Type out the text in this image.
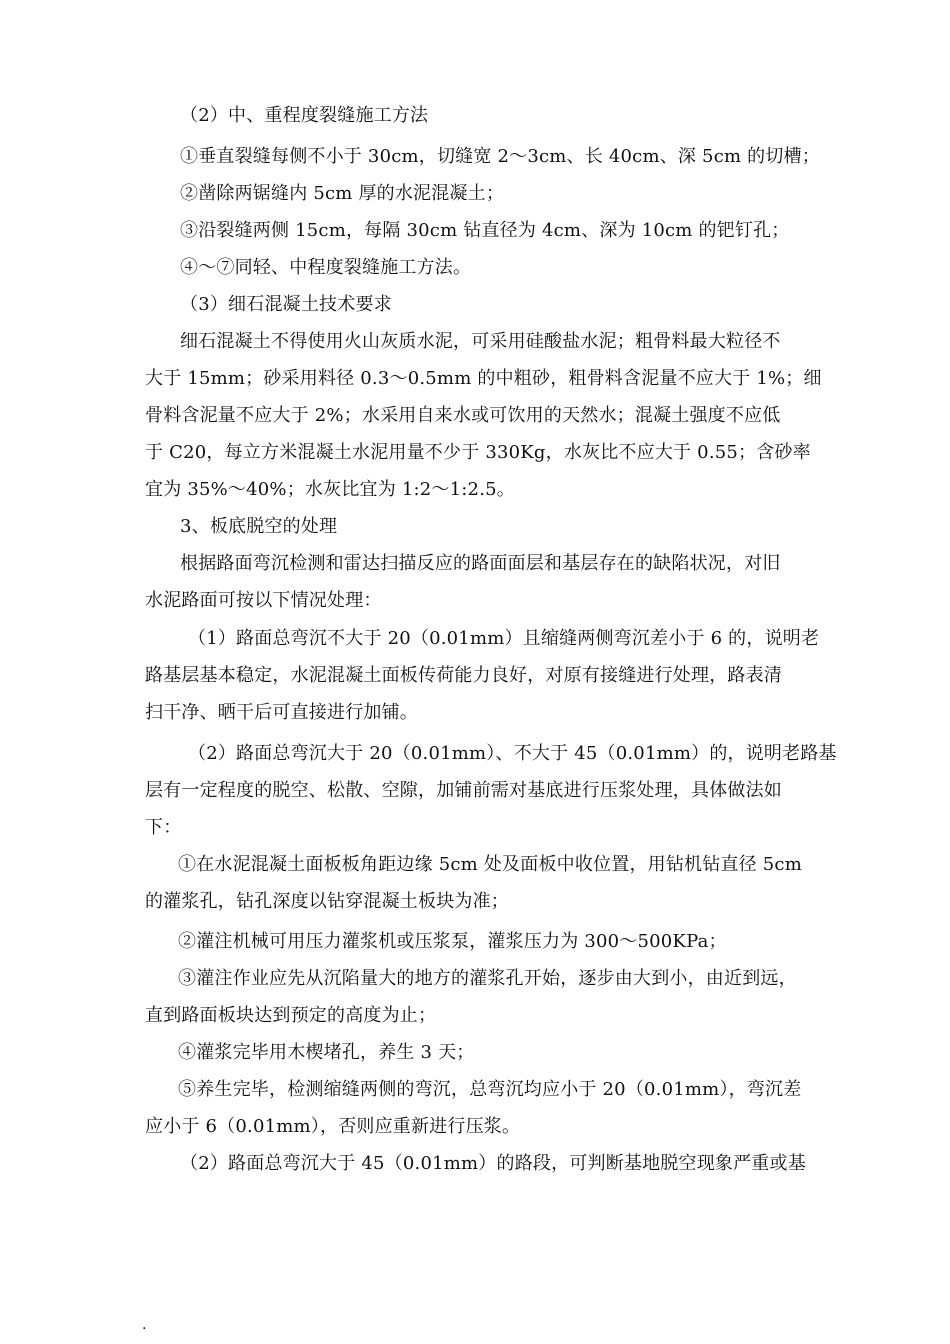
（2）中、重程度裂缝施工方法
①垂直裂缝每侧不小于 30cm，切缝宽 2～3cm、长 40cm、深 5cm 的切槽；
②凿除两锯缝内 5cm 厚的水泥混凝土；
③沿裂缝两侧 15cm，每隔 30cm 钻直径为 4cm、深为 10cm 的钯钉孔；
④～⑦同轻、中程度裂缝施工方法。
（3）细石混凝土技术要求
细石混凝土不得使用火山灰质水泥，可采用硅酸盐水泥；粗骨料最大粒径不
大于 15mm；砂采用料径 0.3～0.5mm 的中粗砂，粗骨料含泥量不应大于 1%；细
骨料含泥量不应大于 2%；水采用自来水或可饮用的天然水；混凝土强度不应低
于 C20，每立方米混凝土水泥用量不少于 330Kg，水灰比不应大于 0.55；含砂率
宜为 35%～40%；水灰比宜为 1:2～1:2.5。
3、板底脱空的处理
根据路面弯沉检测和雷达扫描反应的路面面层和基层存在的缺陷状况，对旧
水泥路面可按以下情况处理：
（1）路面总弯沉不大于 20（0.01mm）且缩缝两侧弯沉差小于 6 的，说明老
路基层基本稳定，水泥混凝土面板传荷能力良好，对原有接缝进行处理，路表清
扫干净、晒干后可直接进行加铺。
（2）路面总弯沉大于 20（0.01mm）、不大于 45（0.01mm）的，说明老路基
层有一定程度的脱空、松散、空隙，加铺前需对基底进行压浆处理，具体做法如
下：
①在水泥混凝土面板板角距边缘 5cm 处及面板中收位置，用钻机钻直径 5cm
的灌浆孔，钻孔深度以钻穿混凝土板块为准；
②灌注机械可用压力灌浆机或压浆泵，灌浆压力为 300～500KPa；
③灌注作业应先从沉陷量大的地方的灌浆孔开始，逐步由大到小，由近到远，
直到路面板块达到预定的高度为止；
④灌浆完毕用木楔堵孔，养生 3 天；
⑤养生完毕，检测缩缝两侧的弯沉，总弯沉均应小于 20（0.01mm），弯沉差
应小于 6（0.01mm），否则应重新进行压浆。
（2）路面总弯沉大于 45（0.01mm）的路段，可判断基地脱空现象严重或基
.
